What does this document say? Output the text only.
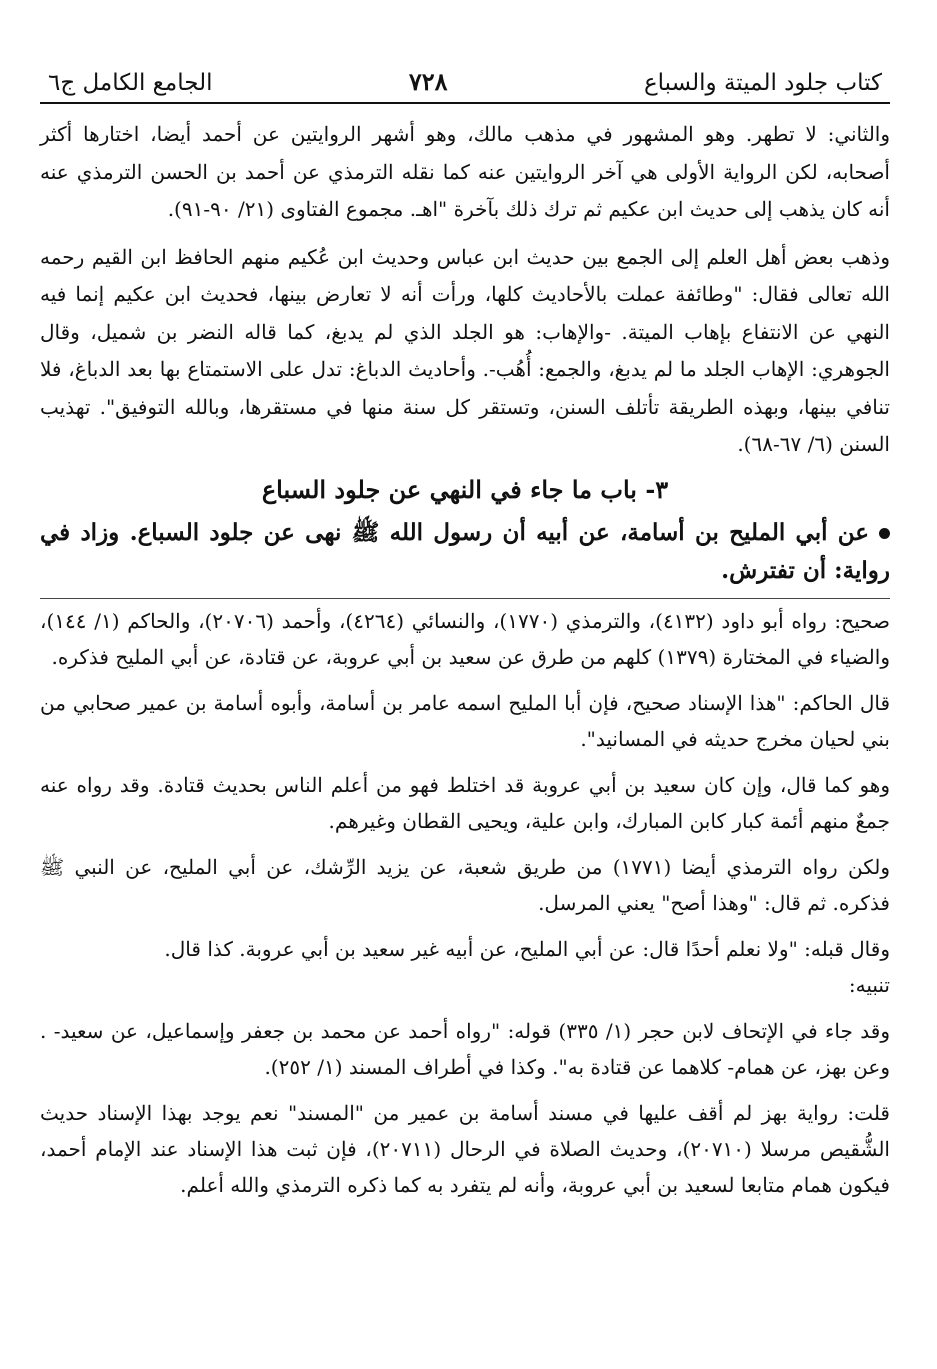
كتاب جلود الميتة والسباع
٧٢٨
الجامع الكامل ج٦

والثاني: لا تطهر. وهو المشهور في مذهب مالك، وهو أشهر الروايتين عن أحمد أيضا، اختارها أكثر أصحابه، لكن الرواية الأولى هي آخر الروايتين عنه كما نقله الترمذي عن أحمد بن الحسن الترمذي عنه أنه كان يذهب إلى حديث ابن عكيم ثم ترك ذلك بآخرة "اهـ. مجموع الفتاوى (٢١/ ٩٠-٩١).

وذهب بعض أهل العلم إلى الجمع بين حديث ابن عباس وحديث ابن عُكيم منهم الحافظ ابن القيم رحمه الله تعالى فقال: "وطائفة عملت بالأحاديث كلها، ورأت أنه لا تعارض بينها، فحديث ابن عكيم إنما فيه النهي عن الانتفاع بإهاب الميتة. -والإهاب: هو الجلد الذي لم يدبغ، كما قاله النضر بن شميل، وقال الجوهري: الإهاب الجلد ما لم يدبغ، والجمع: أُهُب-. وأحاديث الدباغ: تدل على الاستمتاع بها بعد الدباغ، فلا تنافي بينها، وبهذه الطريقة تأتلف السنن، وتستقر كل سنة منها في مستقرها، وبالله التوفيق". تهذيب السنن (٦/ ٦٧-٦٨).

٣- باب ما جاء في النهي عن جلود السباع

عن أبي المليح بن أسامة، عن أبيه أن رسول الله ﷺ نهى عن جلود السباع. وزاد في رواية: أن تفترش.

صحيح: رواه أبو داود (٤١٣٢)، والترمذي (١٧٧٠)، والنسائي (٤٢٦٤)، وأحمد (٢٠٧٠٦)، والحاكم (١/ ١٤٤)، والضياء في المختارة (١٣٧٩) كلهم من طرق عن سعيد بن أبي عروبة، عن قتادة، عن أبي المليح فذكره.

قال الحاكم: "هذا الإسناد صحيح، فإن أبا المليح اسمه عامر بن أسامة، وأبوه أسامة بن عمير صحابي من بني لحيان مخرج حديثه في المسانيد".

وهو كما قال، وإن كان سعيد بن أبي عروبة قد اختلط فهو من أعلم الناس بحديث قتادة. وقد رواه عنه جمعٌ منهم أئمة كبار كابن المبارك، وابن علية، ويحيى القطان وغيرهم.

ولكن رواه الترمذي أيضا (١٧٧١) من طريق شعبة، عن يزيد الرِّشك، عن أبي المليح، عن النبي ﷺ فذكره. ثم قال: "وهذا أصح" يعني المرسل.

وقال قبله: "ولا نعلم أحدًا قال: عن أبي المليح، عن أبيه غير سعيد بن أبي عروبة. كذا قال.

تنبيه:

وقد جاء في الإتحاف لابن حجر (١/ ٣٣٥) قوله: "رواه أحمد عن محمد بن جعفر وإسماعيل، عن سعيد- . وعن بهز، عن همام- كلاهما عن قتادة به". وكذا في أطراف المسند (١/ ٢٥٢).

قلت: رواية بهز لم أقف عليها في مسند أسامة بن عمير من "المسند" نعم يوجد بهذا الإسناد حديث الشُّقيص مرسلا (٢٠٧١٠)، وحديث الصلاة في الرحال (٢٠٧١١)، فإن ثبت هذا الإسناد عند الإمام أحمد، فيكون همام متابعا لسعيد بن أبي عروبة، وأنه لم يتفرد به كما ذكره الترمذي والله أعلم.
